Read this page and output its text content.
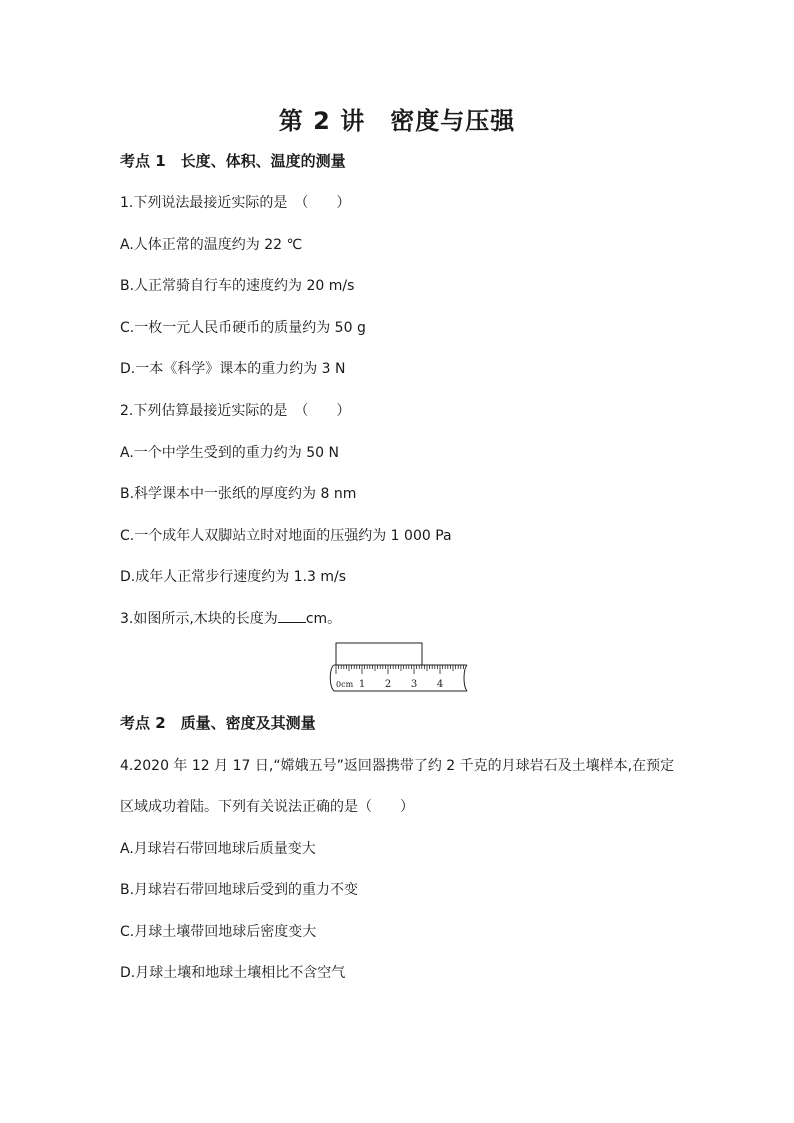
第 2 讲　密度与压强
考点 1　长度、体积、温度的测量
1.下列说法最接近实际的是　（　　）
A.人体正常的温度约为 22 ℃
B.人正常骑自行车的速度约为 20 m/s
C.一枚一元人民币硬币的质量约为 50 g
D.一本《科学》课本的重力约为 3 N
2.下列估算最接近实际的是　（　　）
A.一个中学生受到的重力约为 50 N
B.科学课本中一张纸的厚度约为 8 nm
C.一个成年人双脚站立时对地面的压强约为 1 000 Pa
D.成年人正常步行速度约为 1.3 m/s
3.如图所示,木块的长度为 cm。
0cm 1 2 3 4
考点 2　质量、密度及其测量
4.2020 年 12 月 17 日,“嫦娥五号”返回器携带了约 2 千克的月球岩石及土壤样本,在预定
区域成功着陆。下列有关说法正确的是（　　）
A.月球岩石带回地球后质量变大
B.月球岩石带回地球后受到的重力不变
C.月球土壤带回地球后密度变大
D.月球土壤和地球土壤相比不含空气
